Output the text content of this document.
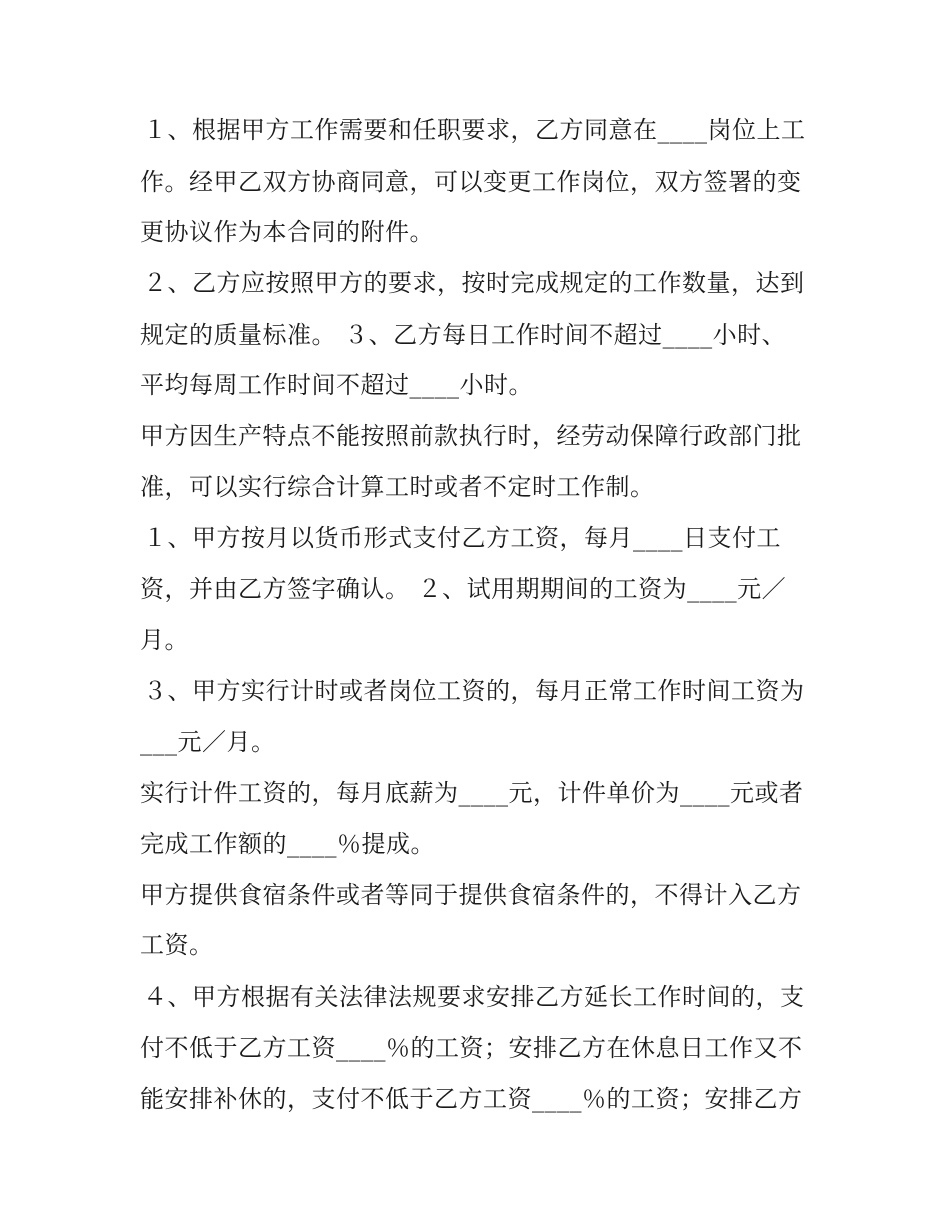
１、根据甲方工作需要和任职要求，乙方同意在____岗位上工
作。经甲乙双方协商同意，可以变更工作岗位，双方签署的变
更协议作为本合同的附件。
２、乙方应按照甲方的要求，按时完成规定的工作数量，达到
规定的质量标准。 ３、乙方每日工作时间不超过____小时、
平均每周工作时间不超过____小时。
甲方因生产特点不能按照前款执行时，经劳动保障行政部门批
准，可以实行综合计算工时或者不定时工作制。
１、甲方按月以货币形式支付乙方工资，每月____日支付工
资，并由乙方签字确认。 ２、试用期期间的工资为____元／
月。
３、甲方实行计时或者岗位工资的，每月正常工作时间工资为
___元／月。
实行计件工资的，每月底薪为____元，计件单价为____元或者
完成工作额的____％提成。
甲方提供食宿条件或者等同于提供食宿条件的，不得计入乙方
工资。
４、甲方根据有关法律法规要求安排乙方延长工作时间的，支
付不低于乙方工资____％的工资；安排乙方在休息日工作又不
能安排补休的，支付不低于乙方工资____％的工资；安排乙方
